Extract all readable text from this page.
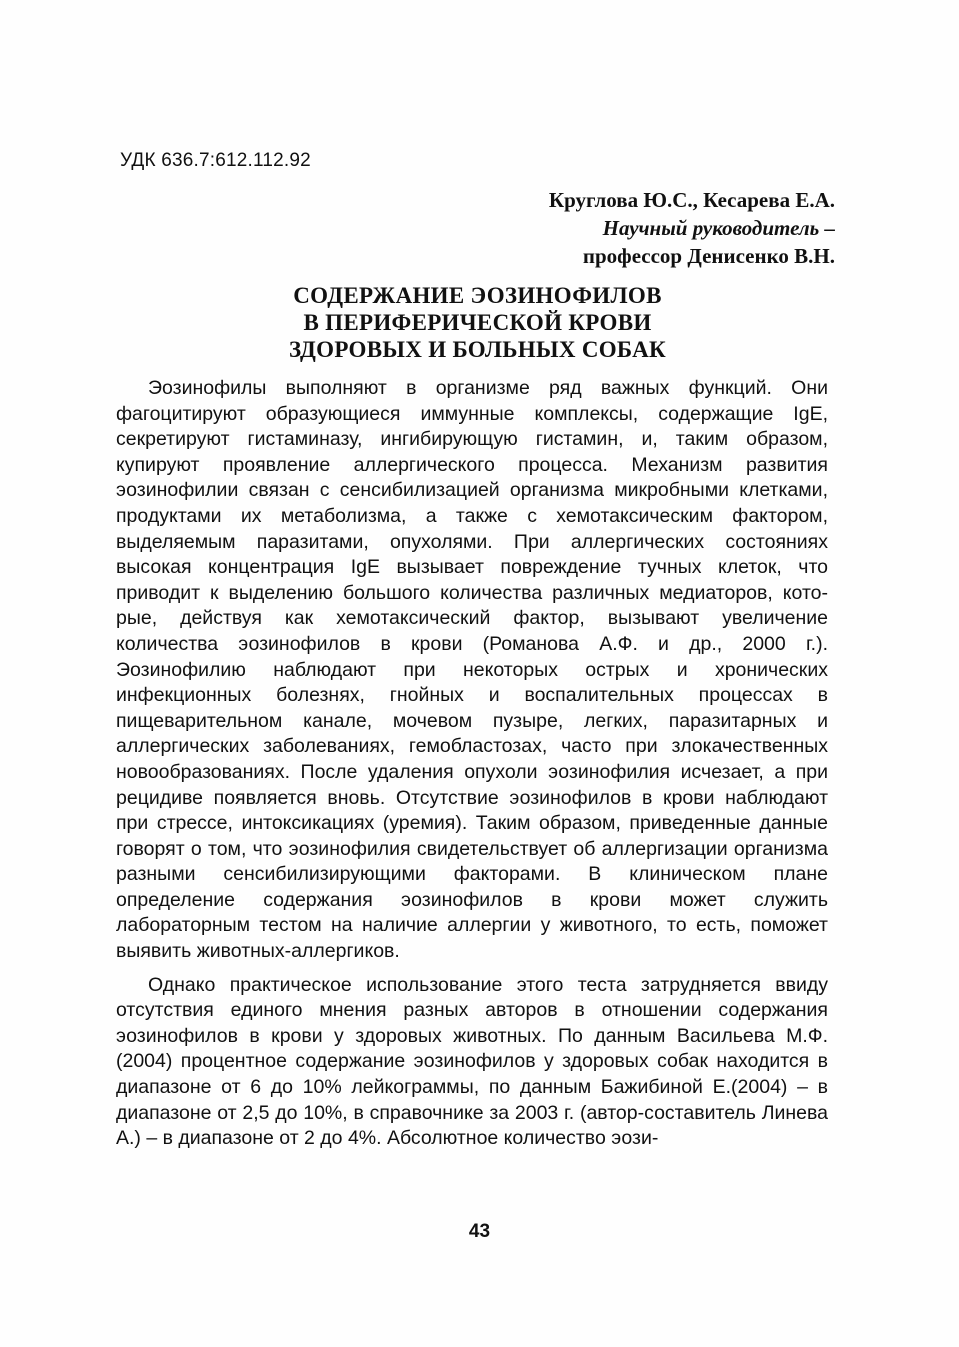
УДК 636.7:612.112.92
Круглова Ю.С., Кесарева Е.А.
Научный руководитель –
профессор Денисенко В.Н.
СОДЕРЖАНИЕ ЭОЗИНОФИЛОВ
В ПЕРИФЕРИЧЕСКОЙ КРОВИ
ЗДОРОВЫХ И БОЛЬНЫХ СОБАК

Эозинофилы выполняют в организме ряд важных функций. Они фагоцитируют образующиеся иммунные комплексы, содержащие IgE, секретируют гистаминазу, ингибирующую гистамин, и, таким образом, купируют проявление аллергического процесса. Механизм развития эозинофилии связан с сенсибилизацией организма микробными клетками, продуктами их метаболизма, а также с хемотаксическим фактором, выделяемым паразитами, опухолями. При аллергических состояниях высокая концентрация IgE вызывает повреждение тучных клеток, что приводит к выделению большого количества различных медиаторов, которые, действуя как хемотаксический фактор, вызывают увеличение количества эозинофилов в крови (Романова А.Ф. и др., 2000 г.). Эозинофилию наблюдают при некоторых острых и хронических инфекционных болезнях, гнойных и воспалительных процессах в пищеварительном канале, мочевом пузыре, легких, паразитарных и аллергических заболеваниях, гемобластозах, часто при злокачественных новообразованиях. После удаления опухоли эозинофилия исчезает, а при рецидиве появляется вновь. Отсутствие эозинофилов в крови наблюдают при стрессе, интоксикациях (уремия). Таким образом, приведенные данные говорят о том, что эозинофилия свидетельствует об аллергизации организма разными сенсибилизирующими факторами. В клиническом плане определение содержания эозинофилов в крови может служить лабораторным тестом на наличие аллергии у животного, то есть, поможет выявить животных-аллергиков.

Однако практическое использование этого теста затрудняется ввиду отсутствия единого мнения разных авторов в отношении содержания эозинофилов в крови у здоровых животных. По данным Васильева М.Ф. (2004) процентное содержание эозинофилов у здоровых собак находится в диапазоне от 6 до 10% лейкограммы, по данным Бажибиной Е.(2004) – в диапазоне от 2,5 до 10%, в справочнике за 2003 г. (автор-составитель Линева А.) – в диапазоне от 2 до 4%. Абсолютное количество эози-

43
